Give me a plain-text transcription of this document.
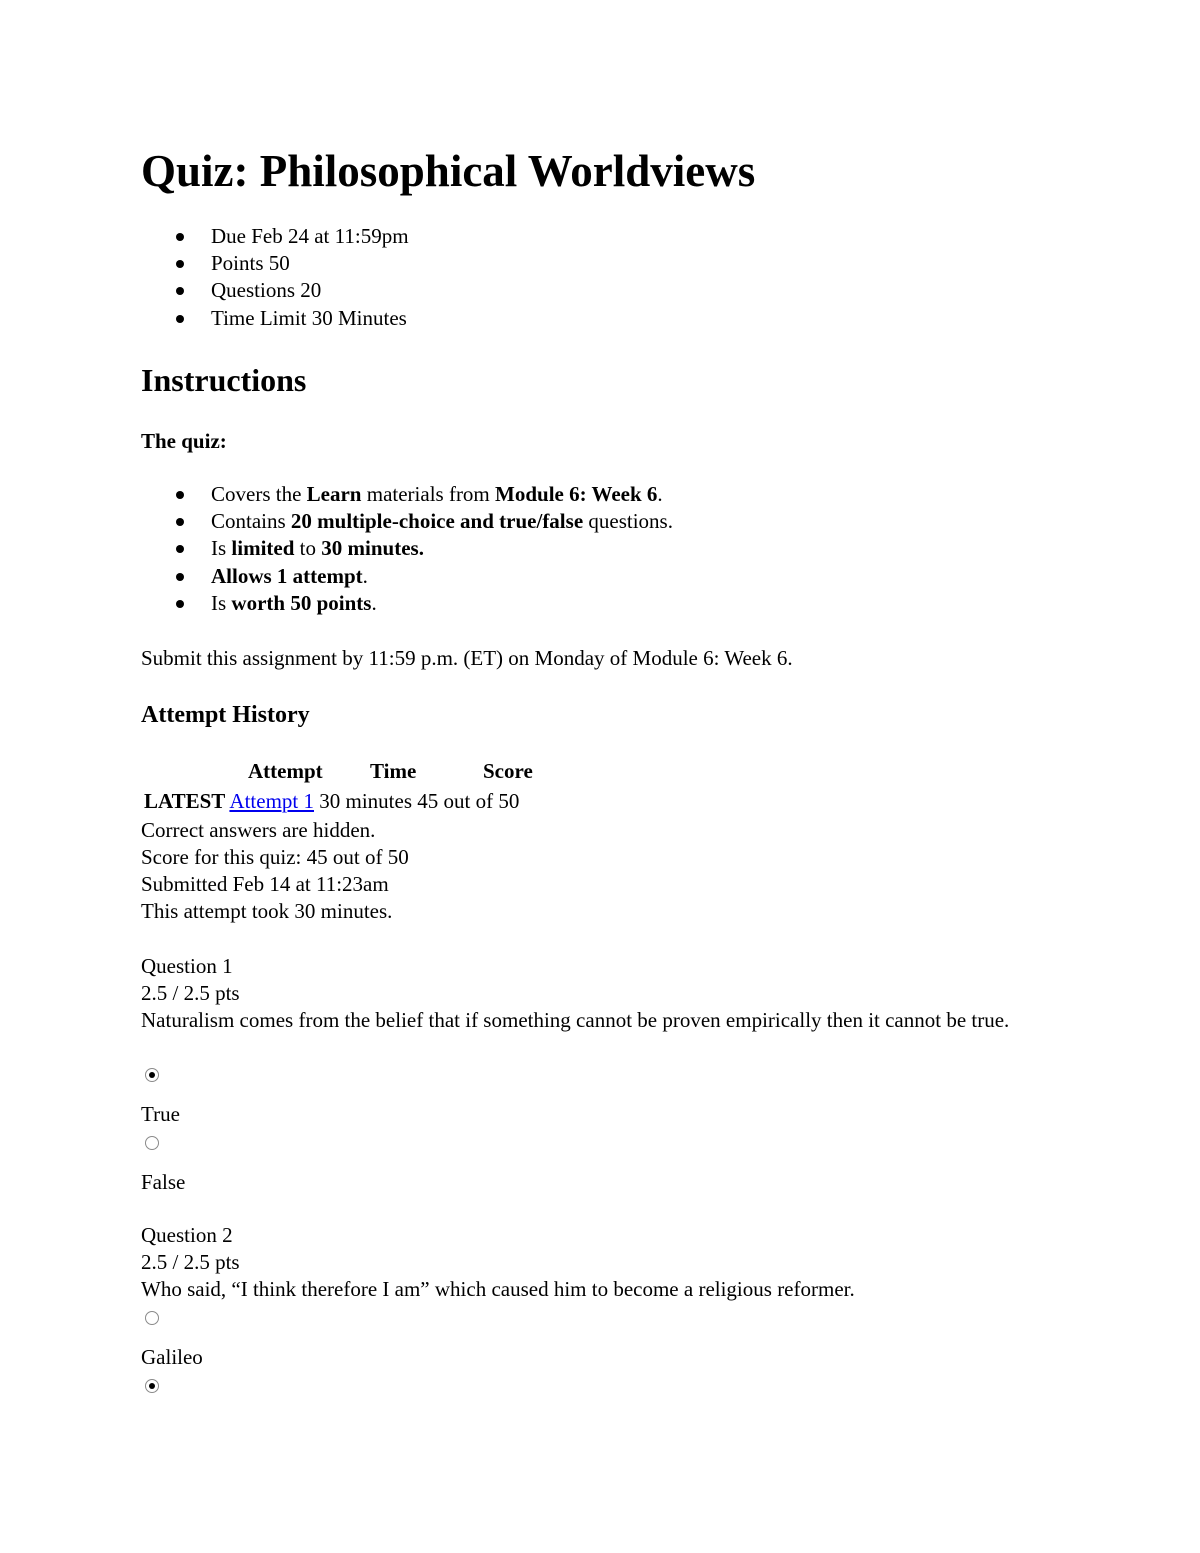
Quiz: Philosophical Worldviews
Due Feb 24 at 11:59pm
Points 50
Questions 20
Time Limit 30 Minutes
Instructions
The quiz:
Covers the Learn materials from Module 6: Week 6.
Contains 20 multiple-choice and true/false questions.
Is limited to 30 minutes.
Allows 1 attempt.
Is worth 50 points.
Submit this assignment by 11:59 p.m. (ET) on Monday of Module 6: Week 6.
Attempt History
Attempt Time	Score
LATEST Attempt 1 30 minutes 45 out of 50
Correct answers are hidden.
Score for this quiz: 45 out of 50
Submitted Feb 14 at 11:23am
This attempt took 30 minutes.
Question 1
2.5 / 2.5 pts
Naturalism comes from the belief that if something cannot be proven empirically then it cannot be true.
True
False
Question 2
2.5 / 2.5 pts
Who said, “I think therefore I am” which caused him to become a religious reformer.
Galileo
